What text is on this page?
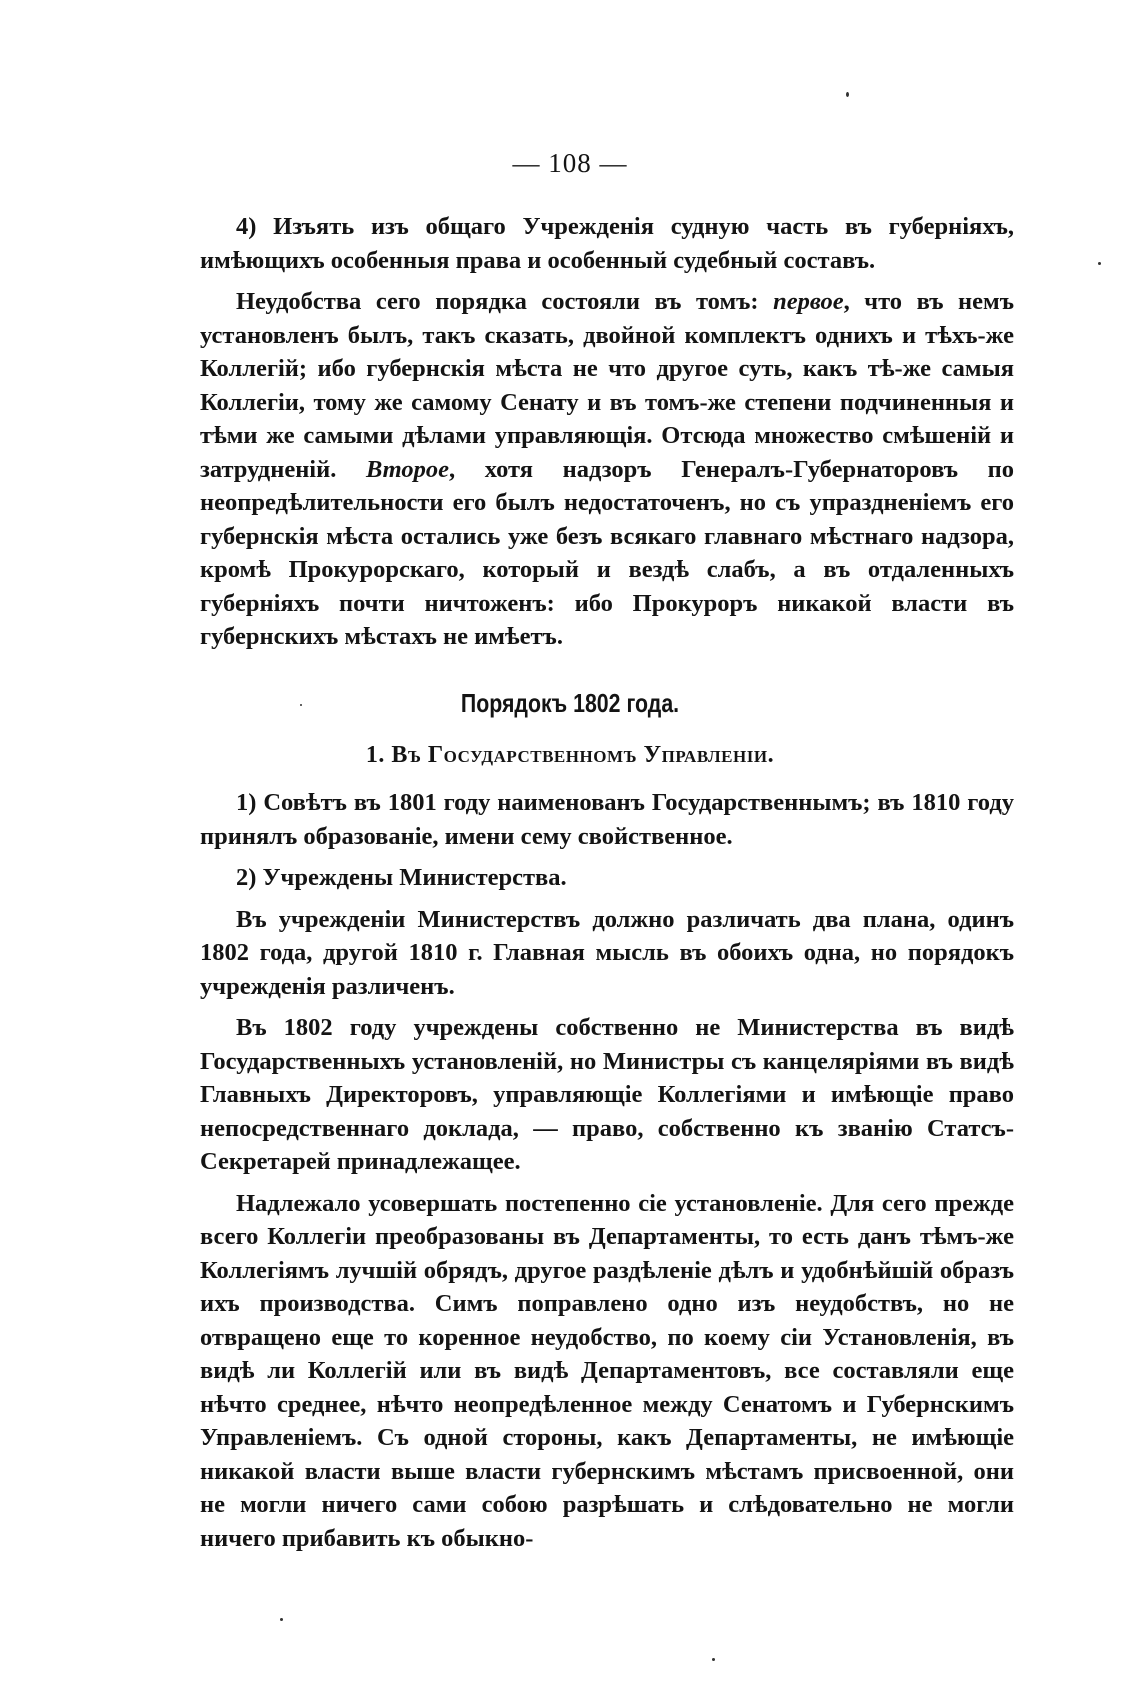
— 108 —

4) Изъять изъ общаго Учрежденія судную часть въ губерніяхъ, имѣющихъ особенныя права и особенный судебный составъ.

Неудобства сего порядка состояли въ томъ: первое, что въ немъ установленъ былъ, такъ сказать, двойной комплектъ однихъ и тѣхъ-же Коллегій; ибо губернскія мѣста не что другое суть, какъ тѣ-же самыя Коллегіи, тому же самому Сенату и въ томъ-же степени подчиненныя и тѣми же самыми дѣлами управляющія. Отсюда множество смѣшеній и затрудненій. Второе, хотя надзоръ Генералъ-Губернаторовъ по неопредѣлительности его былъ недостаточенъ, но съ упраздненіемъ его губернскія мѣста остались уже безъ всякаго главнаго мѣстнаго надзора, кромѣ Прокурорскаго, который и вездѣ слабъ, а въ отдаленныхъ губерніяхъ почти ничтоженъ: ибо Прокуроръ никакой власти въ губернскихъ мѣстахъ не имѣетъ.

Порядокъ 1802 года.
1. Въ Государственномъ Управленіи.

1) Совѣтъ въ 1801 году наименованъ Государственнымъ; въ 1810 году принялъ образованіе, имени сему свойственное.

2) Учреждены Министерства.

Въ учрежденіи Министерствъ должно различать два плана, одинъ 1802 года, другой 1810 г. Главная мысль въ обоихъ одна, но порядокъ учрежденія различенъ.

Въ 1802 году учреждены собственно не Министерства въ видѣ Государственныхъ установленій, но Министры съ канцеляріями въ видѣ Главныхъ Директоровъ, управляющіе Коллегіями и имѣющіе право непосредственнаго доклада, — право, собственно къ званію Статсъ-Секретарей принадлежащее.

Надлежало усовершать постепенно сіе установленіе. Для сего прежде всего Коллегіи преобразованы въ Департаменты, то есть данъ тѣмъ-же Коллегіямъ лучшій обрядъ, другое раздѣленіе дѣлъ и удобнѣйшій образъ ихъ производства. Симъ поправлено одно изъ неудобствъ, но не отвращено еще то коренное неудобство, по коему сіи Установленія, въ видѣ ли Коллегій или въ видѣ Департаментовъ, все составляли еще нѣчто среднее, нѣчто неопредѣленное между Сенатомъ и Губернскимъ Управленіемъ. Съ одной стороны, какъ Департаменты, не имѣющіе никакой власти выше власти губернскимъ мѣстамъ присвоенной, они не могли ничего сами собою разрѣшать и слѣдовательно не могли ничего прибавить къ обыкно-
